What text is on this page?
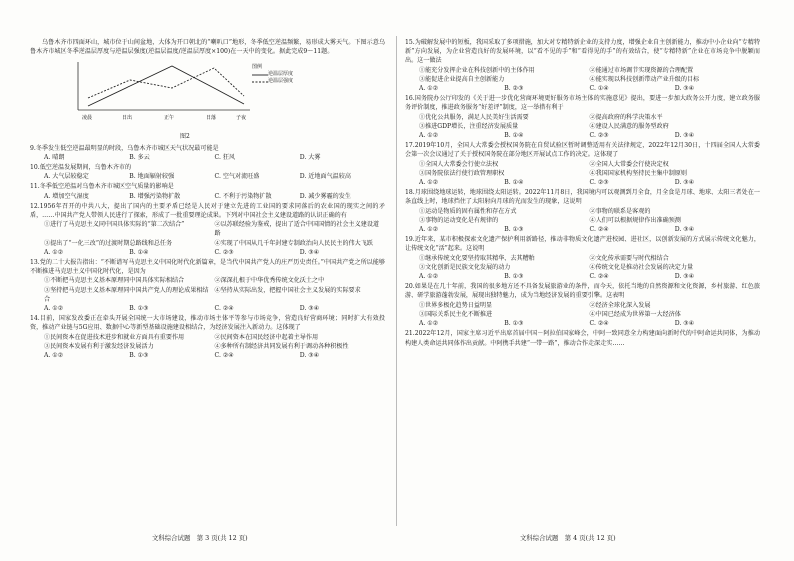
乌鲁木齐市四面环山，城市位于山间盆地，大体为开口朝北的“喇叭口”地形，冬季低空逆温频繁，易形成大雾天气。下图示意乌鲁木齐市城区冬季逆温层厚度与逆温层强度(逆温层温度/逆温层厚度×100)在一天中的变化。据此完成9～11题。

凌晨	日出	正午	日落	子夜
图例
逆温层厚度
逆温层强度
图2

9.冬季发生低空逆温最明显的时段，乌鲁木齐市城区天气状况最可能是

A. 晴朗	B. 多云	C. 狂风	D. 大雾

10.低空逆温发展期间，乌鲁木齐市的

A. 大气层较稳定	B. 地面辐射较强	C. 空气对流旺盛	D. 近地面气温较高

11.冬季低空逆温对乌鲁木齐市城区空气质量的影响是

A. 增加空气湿度	B. 增强污染物扩散	C. 不利于污染物扩散	D. 减少雾霾的发生

12.1956年召开的中共八大，提出了国内的主要矛盾已经是人民对于建立先进的工业国的要求同落后的农业国的现实之间的矛盾，……中国共产党人带领人民进行了探索，形成了一批重要理论成果。下列对中国社会主义建设道路的认识正确的有

①进行了马克思主义同中国具体实际的“第二次结合”	②以苏联经验为鉴戒，提出了适合中国国情的社会主义建设道路
③提出了“一化三改”的过渡时期总路线和总任务	④实现了中国从几千年封建专制政治向人民民主的伟大飞跃
A. ①②	B. ①④	C. ②③	D. ③④

13.党的二十大报告指出：“不断谱写马克思主义中国化时代化新篇章，是当代中国共产党人的庄严历史责任。”中国共产党之所以能够不断推进马克思主义中国化时代化，是因为

①不断把马克思主义基本原理同中国具体实际相结合	②深深扎根于中华优秀传统文化沃土之中
③坚持把马克思主义基本原理同中国共产党人的理论成果相结合
④坚持从实际出发，把握中国社会主义发展的实际要求
A. ①②	B. ①③	C. ②④	D. ③④

14.目前，国家发改委正在牵头开展全国统一大市场建设，推动市场主体平等参与市场竞争，营造良好营商环境；同时扩大有效投资，推动产业链与5G应用、数据中心等新型基础设施建设相结合，为经济发展注入新动力。这体现了

①民间资本在促进技术进步和就业方面具有重要作用	②民间资本在国民经济中起着主导作用
③民间资本发展有利于激发经济发展活力	④多种所有制经济共同发展有利于调动各种积极性
A. ①②	B. ①③	C. ②④	D. ③④

15.为破解发展中的短板，我国采取了多项措施，加大对专精特新企业的支持力度，增强企业自主创新能力，推动中小企业向“专精特新”方向发展，为企业营造良好的发展环境，以“看不见的手”和“看得见的手”的有效结合，使“专精特新”企业在市场竞争中脱颖而出。这一做法

①能充分发挥企业在科技创新中的主体作用	②能通过市场调节实现资源的合理配置
③能促进企业提高自主创新能力	④能实现以科技创新带动产业升级的目标
A. ①②	B. ②③	C. ①④	D. ③④

16.国务院办公厅印发的《关于进一步优化营商环境更好服务市场主体的实施意见》提出，要进一步加大政务公开力度，建立政务服务评价制度，推进政务服务“好差评”制度，这一举措有利于

①优化公共服务，满足人民美好生活需要	②提高政府的科学决策水平
③推进GDP增长，注重经济发展质量	④建设人民满意的服务型政府
A. ①②	B. ①④	C. ②③	D. ③④

17.2019年10月，全国人大常委会授权国务院在自贸试验区暂时调整适用有关法律规定，2022年12月30日，十四届全国人大常委会第一次会议通过了关于授权国务院在部分地区开展试点工作的决定。这体现了

①全国人大常委会行使立法权	②全国人大常委会行使决定权
③国务院依法行使行政管理职权	④我国国家机构坚持民主集中制原则
A. ①②	B. ①④	C. ②③	D. ③④

18.月球围绕地球运转，地球围绕太阳运转。2022年11月8日，我国境内可以观测到月全食，月全食是月球、地球、太阳三者处在一条直线上时，地球挡住了太阳射向月球的光而发生的现象，这说明

①运动是物质的固有属性和存在方式	②事物的联系是客观的
③事物的运动变化是有规律的	④人们可以根据规律作出准确预测
A. ①②	B. ①③	C. ②④	D. ③④

19.近年来，某市积极探索文化遗产保护利用新路径，推动非物质文化遗产进校园、进社区，以创新发展的方式展示传统文化魅力，让传统文化“活”起来。这说明

①继承传统文化要坚持取其精华、去其糟粕	②文化传承需要与时代相结合
③文化创新是民族文化发展的动力	④传统文化是推动社会发展的决定力量
A. ①②	B. ①③	C. ②④	D. ③④

20.如果是在几十年前，我国的很多地方还不具备发展旅游业的条件，而今天，依托当地的自然资源和文化资源，乡村旅游、红色旅游、研学旅游蓬勃发展，展现出独特魅力，成为当地经济发展的重要引擎。这表明

①世界多极化趋势日益明显	②经济全球化深入发展
③国际关系民主化不断推进	④中国已经成为世界第一大经济体
A. ①②	B. ①③	C. ②④	D. ③④

21.2022年12月，国家主席习近平出席首届中国－阿拉伯国家峰会，中阿一致同意全力构建面向新时代的中阿命运共同体，为推动构建人类命运共同体作出贡献。中阿携手共建“一带一路”，推动合作走深走实……

文科综合试题　第 3 页(共 12 页)	文科综合试题　第 4 页(共 12 页)
